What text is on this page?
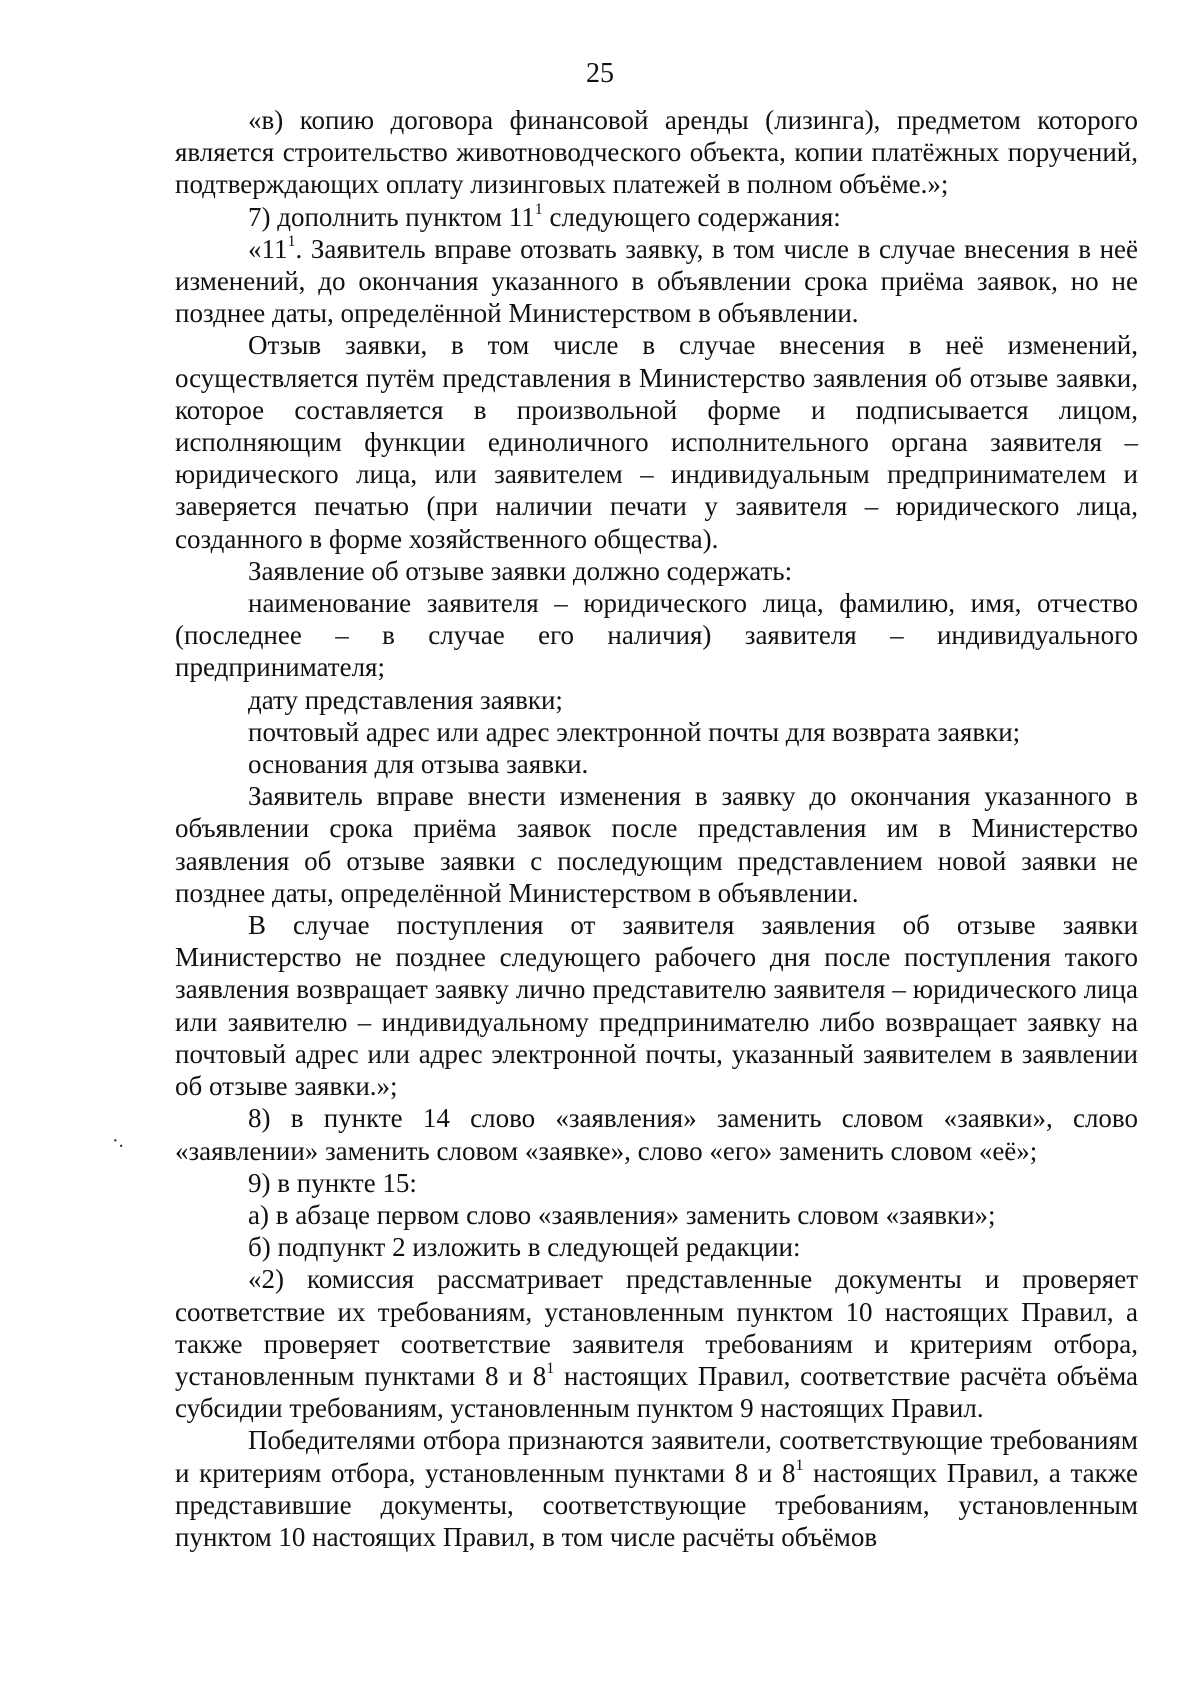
25

«в) копию договора финансовой аренды (лизинга), предметом которого является строительство животноводческого объекта, копии платёжных поручений, подтверждающих оплату лизинговых платежей в полном объёме.»;

7) дополнить пунктом $11^1$ следующего содержания:

«$11^1$. Заявитель вправе отозвать заявку, в том числе в случае внесения в неё изменений, до окончания указанного в объявлении срока приёма заявок, но не позднее даты, определённой Министерством в объявлении.

Отзыв заявки, в том числе в случае внесения в неё изменений, осуществляется путём представления в Министерство заявления об отзыве заявки, которое составляется в произвольной форме и подписывается лицом, исполняющим функции единоличного исполнительного органа заявителя – юридического лица, или заявителем – индивидуальным предпринимателем и заверяется печатью (при наличии печати у заявителя – юридического лица, созданного в форме хозяйственного общества).

Заявление об отзыве заявки должно содержать:

наименование заявителя – юридического лица, фамилию, имя, отчество (последнее – в случае его наличия) заявителя – индивидуального предпринимателя;

дату представления заявки;

почтовый адрес или адрес электронной почты для возврата заявки;

основания для отзыва заявки.

Заявитель вправе внести изменения в заявку до окончания указанного в объявлении срока приёма заявок после представления им в Министерство заявления об отзыве заявки с последующим представлением новой заявки не позднее даты, определённой Министерством в объявлении.

В случае поступления от заявителя заявления об отзыве заявки Министерство не позднее следующего рабочего дня после поступления такого заявления возвращает заявку лично представителю заявителя – юридического лица или заявителю – индивидуальному предпринимателю либо возвращает заявку на почтовый адрес или адрес электронной почты, указанный заявителем в заявлении об отзыве заявки.»;

8) в пункте 14 слово «заявления» заменить словом «заявки», слово «заявлении» заменить словом «заявке», слово «его» заменить словом «её»;

9) в пункте 15:

а) в абзаце первом слово «заявления» заменить словом «заявки»;

б) подпункт 2 изложить в следующей редакции:

«2) комиссия рассматривает представленные документы и проверяет соответствие их требованиям, установленным пунктом 10 настоящих Правил, а также проверяет соответствие заявителя требованиям и критериям отбора, установленным пунктами 8 и $8^1$ настоящих Правил, соответствие расчёта объёма субсидии требованиям, установленным пунктом 9 настоящих Правил.

Победителями отбора признаются заявители, соответствующие требованиям и критериям отбора, установленным пунктами 8 и $8^1$ настоящих Правил, а также представившие документы, соответствующие требованиям, установленным пунктом 10 настоящих Правил, в том числе расчёты объёмов

·.
